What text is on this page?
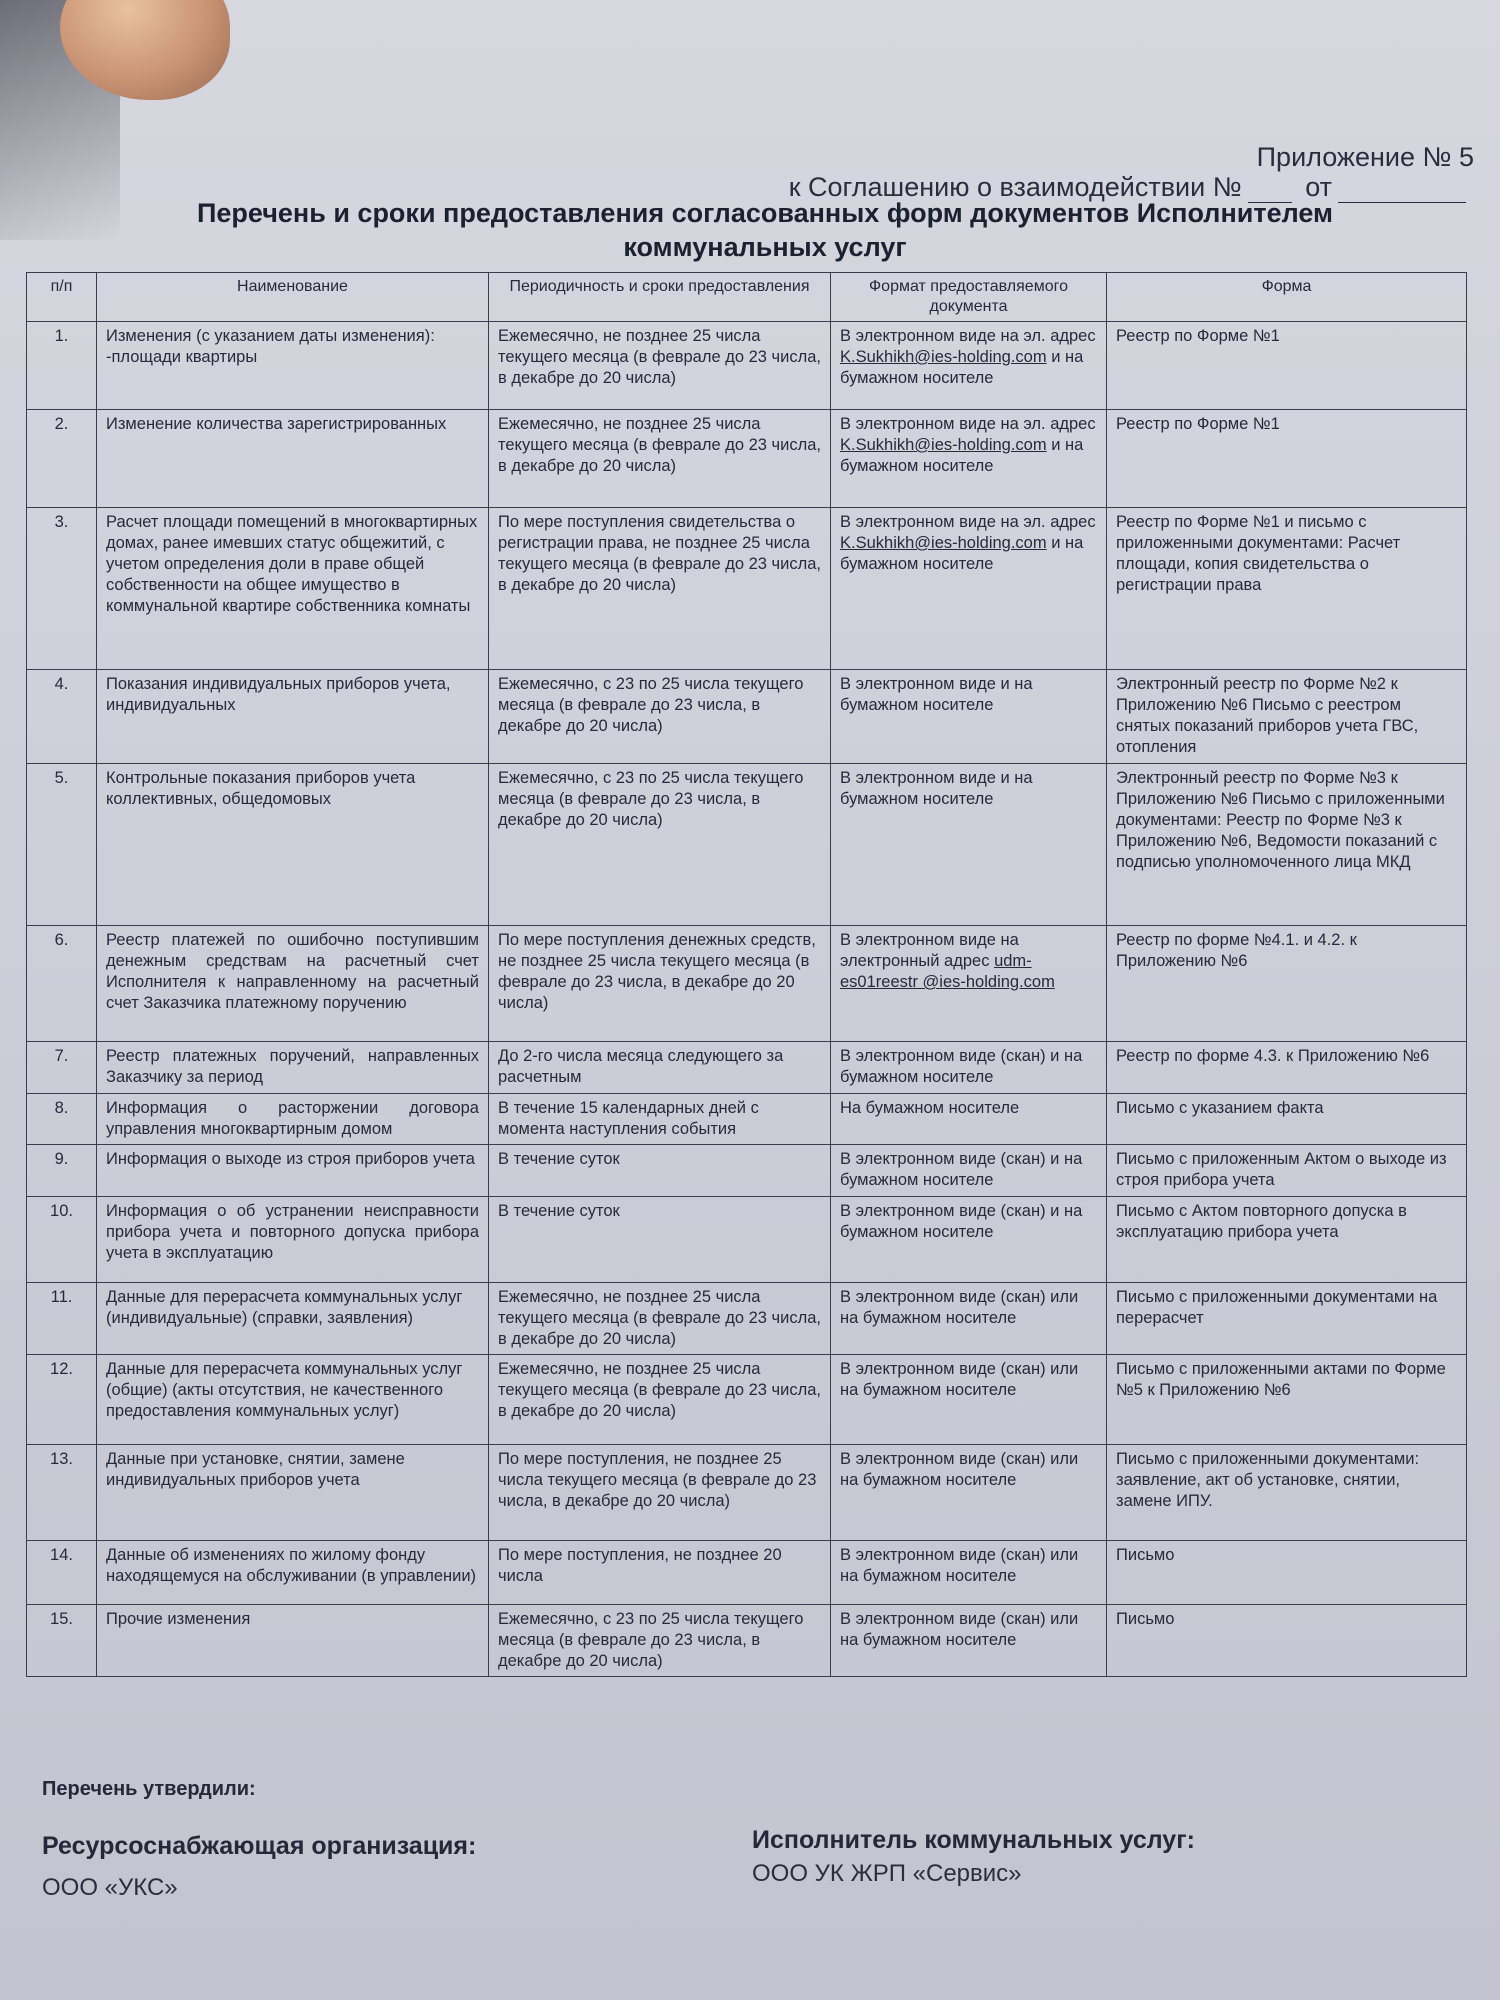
Приложение № 5
к Соглашению о взаимодействии № от
Перечень и сроки предоставления согласованных форм документов Исполнителем
коммунальных услуг
п/п	Наименование	Периодичность и сроки предоставления	Формат предоставляемого документа	Форма
1.	Изменения (с указанием даты изменения): -площади квартиры	Ежемесячно, не позднее 25 числа текущего месяца (в феврале до 23 числа, в декабре до 20 числа)	В электронном виде на эл. адрес K.Sukhikh@ies-holding.com и на бумажном носителе	Реестр по Форме №1
2.	Изменение количества зарегистрированных	Ежемесячно, не позднее 25 числа текущего месяца (в феврале до 23 числа, в декабре до 20 числа)	В электронном виде на эл. адрес K.Sukhikh@ies-holding.com и на бумажном носителе	Реестр по Форме №1
3.	Расчет площади помещений в многоквартирных домах, ранее имевших статус общежитий, с учетом определения доли в праве общей собственности на общее имущество в коммунальной квартире собственника комнаты	По мере поступления свидетельства о регистрации права, не позднее 25 числа текущего месяца (в феврале до 23 числа, в декабре до 20 числа)	В электронном виде на эл. адрес K.Sukhikh@ies-holding.com и на бумажном носителе	Реестр по Форме №1 и письмо с приложенными документами: Расчет площади, копия свидетельства о регистрации права
4.	Показания индивидуальных приборов учета, индивидуальных	Ежемесячно, с 23 по 25 числа текущего месяца (в феврале до 23 числа, в декабре до 20 числа)	В электронном виде и на бумажном носителе	Электронный реестр по Форме №2 к Приложению №6 Письмо с реестром снятых показаний приборов учета ГВС, отопления
5.	Контрольные показания приборов учета коллективных, общедомовых	Ежемесячно, с 23 по 25 числа текущего месяца (в феврале до 23 числа, в декабре до 20 числа)	В электронном виде и на бумажном носителе	Электронный реестр по Форме №3 к Приложению №6 Письмо с приложенными документами: Реестр по Форме №3 к Приложению №6, Ведомости показаний с подписью уполномоченного лица МКД
6.	Реестр платежей по ошибочно поступившим денежным средствам на расчетный счет Исполнителя к направленному на расчетный счет Заказчика платежному поручению	По мере поступления денежных средств, не позднее 25 числа текущего месяца (в феврале до 23 числа, в декабре до 20 числа)	В электронном виде на электронный адрес udm-es01reestr @ies-holding.com	Реестр по форме №4.1. и 4.2. к Приложению №6
7.	Реестр платежных поручений, направленных Заказчику за период	До 2-го числа месяца следующего за расчетным	В электронном виде (скан) и на бумажном носителе	Реестр по форме 4.3. к Приложению №6
8.	Информация о расторжении договора управления многоквартирным домом	В течение 15 календарных дней с момента наступления события	На бумажном носителе	Письмо с указанием факта
9.	Информация о выходе из строя приборов учета	В течение суток	В электронном виде (скан) и на бумажном носителе	Письмо с приложенным Актом о выходе из строя прибора учета
10.	Информация о об устранении неисправности прибора учета и повторного допуска прибора учета в эксплуатацию	В течение суток	В электронном виде (скан) и на бумажном носителе	Письмо с Актом повторного допуска в эксплуатацию прибора учета
11.	Данные для перерасчета коммунальных услуг (индивидуальные) (справки, заявления)	Ежемесячно, не позднее 25 числа текущего месяца (в феврале до 23 числа, в декабре до 20 числа)	В электронном виде (скан) или на бумажном носителе	Письмо с приложенными документами на перерасчет
12.	Данные для перерасчета коммунальных услуг (общие) (акты отсутствия, не качественного предоставления коммунальных услуг)	Ежемесячно, не позднее 25 числа текущего месяца (в феврале до 23 числа, в декабре до 20 числа)	В электронном виде (скан) или на бумажном носителе	Письмо с приложенными актами по Форме №5 к Приложению №6
13.	Данные при установке, снятии, замене индивидуальных приборов учета	По мере поступления, не позднее 25 числа текущего месяца (в феврале до 23 числа, в декабре до 20 числа)	В электронном виде (скан) или на бумажном носителе	Письмо с приложенными документами: заявление, акт об установке, снятии, замене ИПУ.
14.	Данные об изменениях по жилому фонду находящемуся на обслуживании (в управлении)	По мере поступления, не позднее 20 числа	В электронном виде (скан) или на бумажном носителе	Письмо
15.	Прочие изменения	Ежемесячно, с 23 по 25 числа текущего месяца (в феврале до 23 числа, в декабре до 20 числа)	В электронном виде (скан) или на бумажном носителе	Письмо
Перечень утвердили:
Ресурсоснабжающая организация:
ООО «УКС»
Исполнитель коммунальных услуг:
ООО УК ЖРП «Сервис»
